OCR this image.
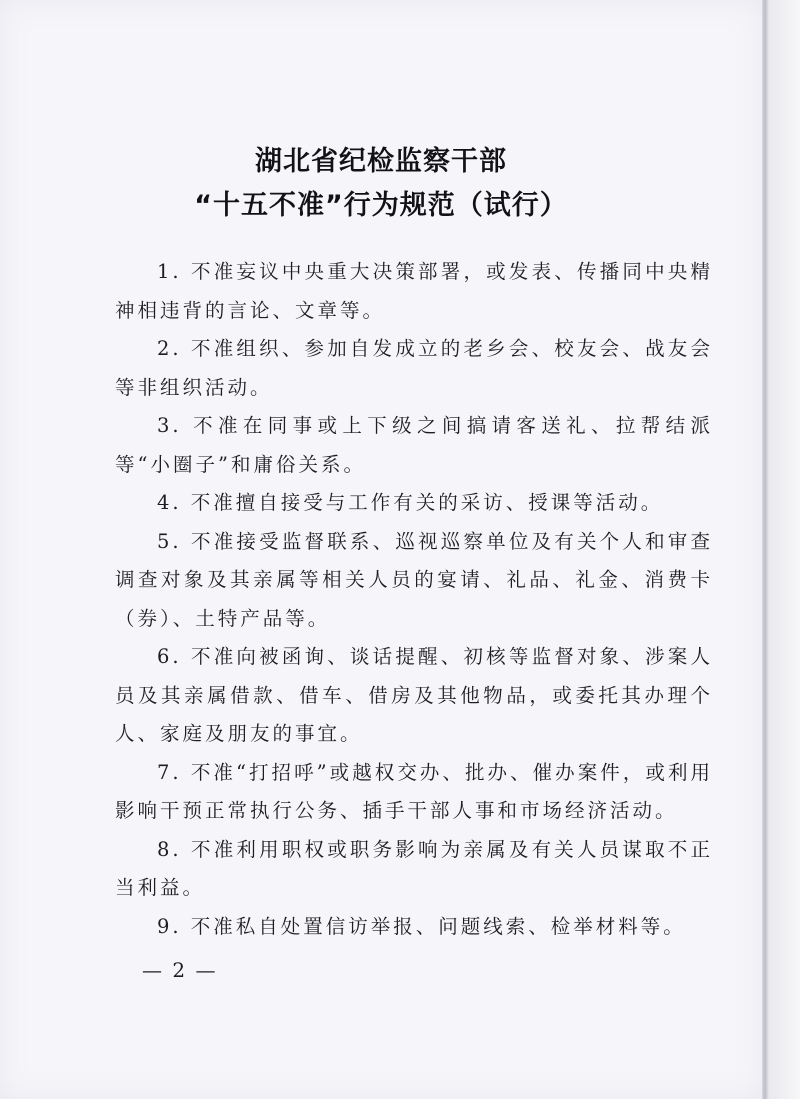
湖北省纪检监察干部

“十五不准”行为规范（试行）

1. 不准妄议中央重大决策部署，或发表、传播同中央精神相违背的言论、文章等。

2. 不准组织、参加自发成立的老乡会、校友会、战友会等非组织活动。

3. 不准在同事或上下级之间搞请客送礼、拉帮结派等“小圈子”和庸俗关系。

4. 不准擅自接受与工作有关的采访、授课等活动。

5. 不准接受监督联系、巡视巡察单位及有关个人和审查调查对象及其亲属等相关人员的宴请、礼品、礼金、消费卡（券）、土特产品等。

6. 不准向被函询、谈话提醒、初核等监督对象、涉案人员及其亲属借款、借车、借房及其他物品，或委托其办理个人、家庭及朋友的事宜。

7. 不准“打招呼”或越权交办、批办、催办案件，或利用影响干预正常执行公务、插手干部人事和市场经济活动。

8. 不准利用职权或职务影响为亲属及有关人员谋取不正当利益。

9. 不准私自处置信访举报、问题线索、检举材料等。

— 2 —
